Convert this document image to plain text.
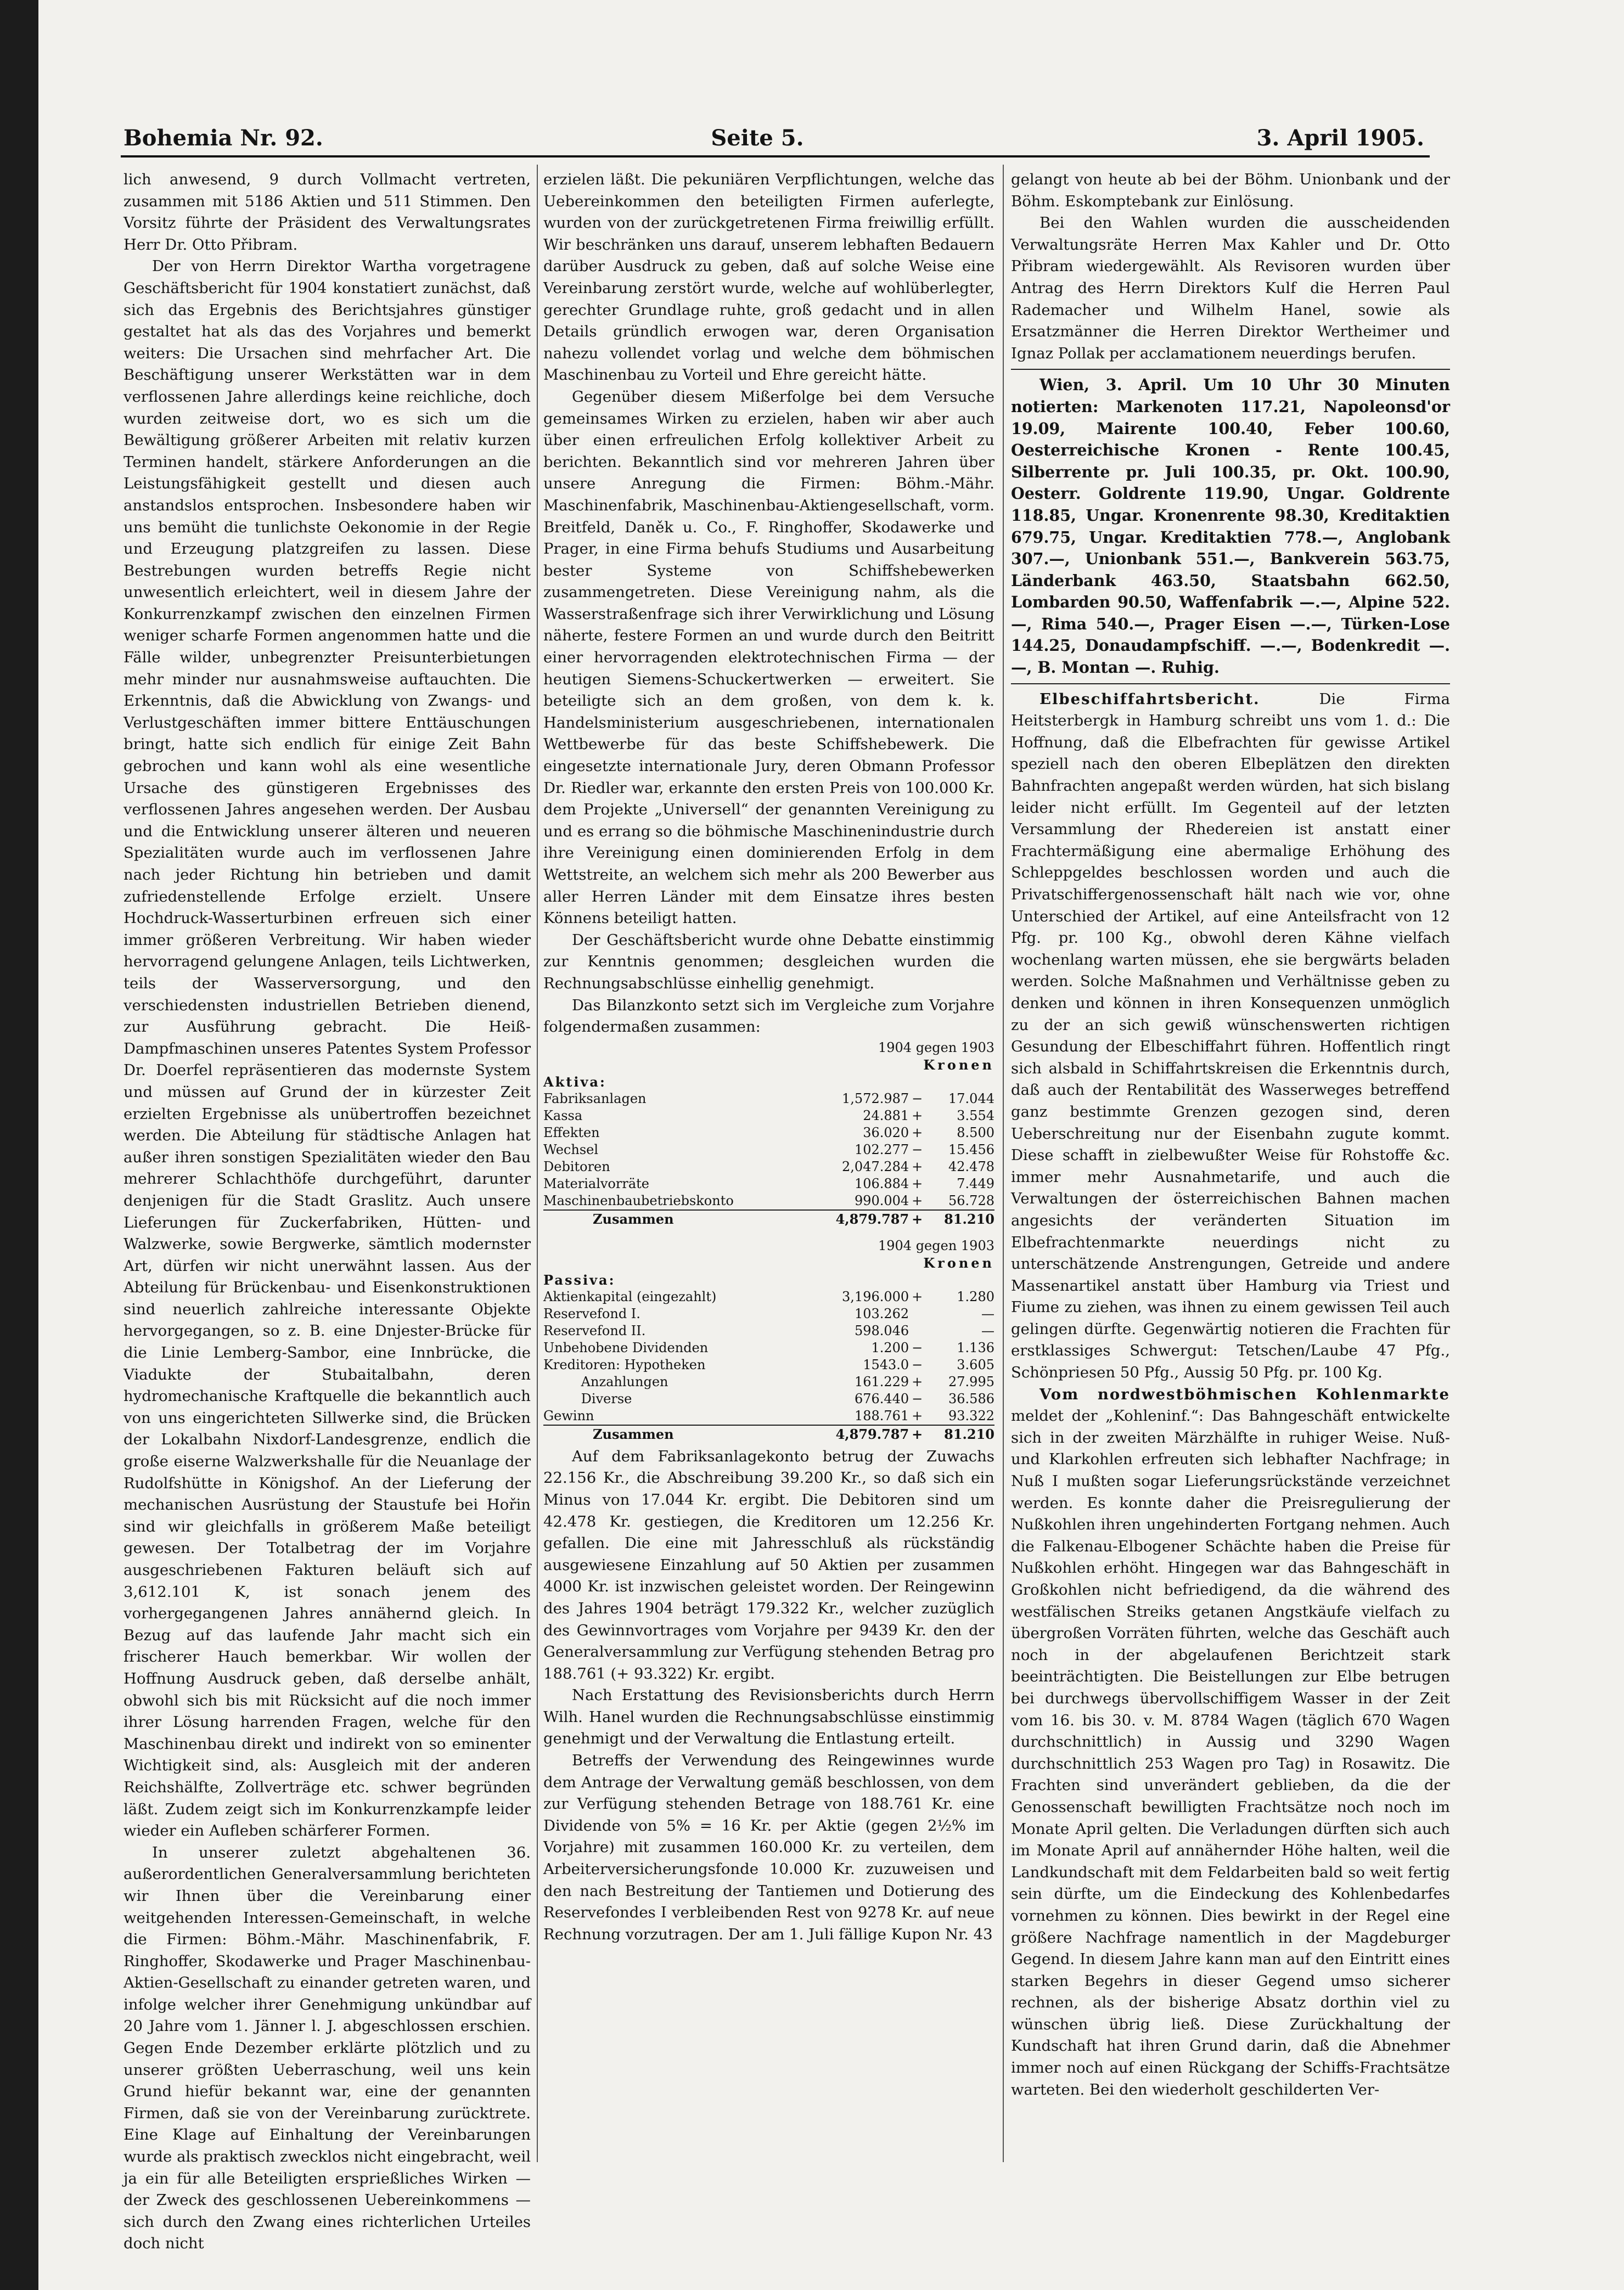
Bohemia Nr. 92.	Seite 5.	3. April 1905.

lich anwesend, 9 durch Vollmacht vertreten, zusammen mit 5186 Aktien und 511 Stimmen. Den Vorsitz führte der Präsident des Verwaltungsrates Herr Dr. Otto Přibram.

Der von Herrn Direktor Wartha vorgetragene Geschäftsbericht für 1904 konstatiert zunächst, daß sich das Ergebnis des Berichtsjahres günstiger gestaltet hat als das des Vorjahres und bemerkt weiters: Die Ursachen sind mehrfacher Art. Die Beschäftigung unserer Werkstätten war in dem verflossenen Jahre allerdings keine reichliche, doch wurden zeitweise dort, wo es sich um die Bewältigung größerer Arbeiten mit relativ kurzen Terminen handelt, stärkere Anforderungen an die Leistungsfähigkeit gestellt und diesen auch anstandslos entsprochen. Insbesondere haben wir uns bemüht die tunlichste Oekonomie in der Regie und Erzeugung platzgreifen zu lassen. Diese Bestrebungen wurden betreffs Regie nicht unwesentlich erleichtert, weil in diesem Jahre der Konkurrenzkampf zwischen den einzelnen Firmen weniger scharfe Formen angenommen hatte und die Fälle wilder, unbegrenzter Preisunterbietungen mehr minder nur ausnahmsweise auftauchten. Die Erkenntnis, daß die Abwicklung von Zwangs- und Verlustgeschäften immer bittere Enttäuschungen bringt, hatte sich endlich für einige Zeit Bahn gebrochen und kann wohl als eine wesentliche Ursache des günstigeren Ergebnisses des verflossenen Jahres angesehen werden. Der Ausbau und die Entwicklung unserer älteren und neueren Spezialitäten wurde auch im verflossenen Jahre nach jeder Richtung hin betrieben und damit zufriedenstellende Erfolge erzielt. Unsere Hochdruck-Wasserturbinen erfreuen sich einer immer größeren Verbreitung. Wir haben wieder hervorragend gelungene Anlagen, teils Lichtwerken, teils der Wasserversorgung, und den verschiedensten industriellen Betrieben dienend, zur Ausführung gebracht. Die Heiß-Dampfmaschinen unseres Patentes System Professor Dr. Doerfel repräsentieren das modernste System und müssen auf Grund der in kürzester Zeit erzielten Ergebnisse als unübertroffen bezeichnet werden. Die Abteilung für städtische Anlagen hat außer ihren sonstigen Spezialitäten wieder den Bau mehrerer Schlachthöfe durchgeführt, darunter denjenigen für die Stadt Graslitz. Auch unsere Lieferungen für Zuckerfabriken, Hütten- und Walzwerke, sowie Bergwerke, sämtlich modernster Art, dürfen wir nicht unerwähnt lassen. Aus der Abteilung für Brückenbau- und Eisenkonstruktionen sind neuerlich zahlreiche interessante Objekte hervorgegangen, so z. B. eine Dnjester-Brücke für die Linie Lemberg-Sambor, eine Innbrücke, die Viadukte der Stubaitalbahn, deren hydromechanische Kraftquelle die bekanntlich auch von uns eingerichteten Sillwerke sind, die Brücken der Lokalbahn Nixdorf-Landesgrenze, endlich die große eiserne Walzwerkshalle für die Neuanlage der Rudolfshütte in Königshof. An der Lieferung der mechanischen Ausrüstung der Staustufe bei Hořin sind wir gleichfalls in größerem Maße beteiligt gewesen. Der Totalbetrag der im Vorjahre ausgeschriebenen Fakturen beläuft sich auf 3,612.101 K, ist sonach jenem des vorhergegangenen Jahres annähernd gleich. In Bezug auf das laufende Jahr macht sich ein frischerer Hauch bemerkbar. Wir wollen der Hoffnung Ausdruck geben, daß derselbe anhält, obwohl sich bis mit Rücksicht auf die noch immer ihrer Lösung harrenden Fragen, welche für den Maschinenbau direkt und indirekt von so eminenter Wichtigkeit sind, als: Ausgleich mit der anderen Reichshälfte, Zollverträge etc. schwer begründen läßt. Zudem zeigt sich im Konkurrenzkampfe leider wieder ein Aufleben schärferer Formen.

In unserer zuletzt abgehaltenen 36. außerordentlichen Generalversammlung berichteten wir Ihnen über die Vereinbarung einer weitgehenden Interessen-Gemeinschaft, in welche die Firmen: Böhm.-Mähr. Maschinenfabrik, F. Ringhoffer, Skodawerke und Prager Maschinenbau-Aktien-Gesellschaft zu einander getreten waren, und infolge welcher ihrer Genehmigung unkündbar auf 20 Jahre vom 1. Jänner l. J. abgeschlossen erschien. Gegen Ende Dezember erklärte plötzlich und zu unserer größten Ueberraschung, weil uns kein Grund hiefür bekannt war, eine der genannten Firmen, daß sie von der Vereinbarung zurücktrete. Eine Klage auf Einhaltung der Vereinbarungen wurde als praktisch zwecklos nicht eingebracht, weil ja ein für alle Beteiligten ersprießliches Wirken — der Zweck des geschlossenen Uebereinkommens — sich durch den Zwang eines richterlichen Urteiles doch nicht

erzielen läßt. Die pekuniären Verpflichtungen, welche das Uebereinkommen den beteiligten Firmen auferlegte, wurden von der zurückgetretenen Firma freiwillig erfüllt. Wir beschränken uns darauf, unserem lebhaften Bedauern darüber Ausdruck zu geben, daß auf solche Weise eine Vereinbarung zerstört wurde, welche auf wohlüberlegter, gerechter Grundlage ruhte, groß gedacht und in allen Details gründlich erwogen war, deren Organisation nahezu vollendet vorlag und welche dem böhmischen Maschinenbau zu Vorteil und Ehre gereicht hätte.

Gegenüber diesem Mißerfolge bei dem Versuche gemeinsames Wirken zu erzielen, haben wir aber auch über einen erfreulichen Erfolg kollektiver Arbeit zu berichten. Bekanntlich sind vor mehreren Jahren über unsere Anregung die Firmen: Böhm.-Mähr. Maschinenfabrik, Maschinenbau-Aktiengesellschaft, vorm. Breitfeld, Daněk u. Co., F. Ringhoffer, Skodawerke und Prager, in eine Firma behufs Studiums und Ausarbeitung bester Systeme von Schiffshebewerken zusammengetreten. Diese Vereinigung nahm, als die Wasserstraßenfrage sich ihrer Verwirklichung und Lösung näherte, festere Formen an und wurde durch den Beitritt einer hervorragenden elektrotechnischen Firma — der heutigen Siemens-Schuckertwerken — erweitert. Sie beteiligte sich an dem großen, von dem k. k. Handelsministerium ausgeschriebenen, internationalen Wettbewerbe für das beste Schiffshebewerk. Die eingesetzte internationale Jury, deren Obmann Professor Dr. Riedler war, erkannte den ersten Preis von 100.000 Kr. dem Projekte „Universell“ der genannten Vereinigung zu und es errang so die böhmische Maschinenindustrie durch ihre Vereinigung einen dominierenden Erfolg in dem Wettstreite, an welchem sich mehr als 200 Bewerber aus aller Herren Länder mit dem Einsatze ihres besten Könnens beteiligt hatten.

Der Geschäftsbericht wurde ohne Debatte einstimmig zur Kenntnis genommen; desgleichen wurden die Rechnungsabschlüsse einhellig genehmigt.

Das Bilanzkonto setzt sich im Vergleiche zum Vorjahre folgendermaßen zusammen:

1904 gegen 1903			
Kronen			
Aktiva:			
Fabriksanlagen	1,572.987	−	17.044
Kassa	24.881	+	3.554
Effekten	36.020	+	8.500
Wechsel	102.277	−	15.456
Debitoren	2,047.284	+	42.478
Materialvorräte	106.884	+	7.449
Maschinenbaubetriebskonto	990.004	+	56.728
Zusammen	4,879.787	+	81.210

1904 gegen 1903			
Kronen			
Passiva:			
Aktienkapital (eingezahlt)	3,196.000	+	1.280
Reservefond I.	103.262		—
Reservefond II.	598.046		—
Unbehobene Dividenden	1.200	−	1.136
Kreditoren: Hypotheken	1543.0	−	3.605
Anzahlungen	161.229	+	27.995
Diverse	676.440	−	36.586
Gewinn	188.761	+	93.322
Zusammen	4,879.787	+	81.210

Auf dem Fabriksanlagekonto betrug der Zuwachs 22.156 Kr., die Abschreibung 39.200 Kr., so daß sich ein Minus von 17.044 Kr. ergibt. Die Debitoren sind um 42.478 Kr. gestiegen, die Kreditoren um 12.256 Kr. gefallen. Die eine mit Jahresschluß als rückständig ausgewiesene Einzahlung auf 50 Aktien per zusammen 4000 Kr. ist inzwischen geleistet worden. Der Reingewinn des Jahres 1904 beträgt 179.322 Kr., welcher zuzüglich des Gewinnvortrages vom Vorjahre per 9439 Kr. den der Generalversammlung zur Verfügung stehenden Betrag pro 188.761 (+ 93.322) Kr. ergibt.

Nach Erstattung des Revisionsberichts durch Herrn Wilh. Hanel wurden die Rechnungsabschlüsse einstimmig genehmigt und der Verwaltung die Entlastung erteilt.

Betreffs der Verwendung des Reingewinnes wurde dem Antrage der Verwaltung gemäß beschlossen, von dem zur Verfügung stehenden Betrage von 188.761 Kr. eine Dividende von 5% = 16 Kr. per Aktie (gegen 2½% im Vorjahre) mit zusammen 160.000 Kr. zu verteilen, dem Arbeiterversicherungsfonde 10.000 Kr. zuzuweisen und den nach Bestreitung der Tantiemen und Dotierung des Reservefondes I verbleibenden Rest von 9278 Kr. auf neue Rechnung vorzutragen. Der am 1. Juli fällige Kupon Nr. 43

gelangt von heute ab bei der Böhm. Unionbank und der Böhm. Eskomptebank zur Einlösung.

Bei den Wahlen wurden die ausscheidenden Verwaltungsräte Herren Max Kahler und Dr. Otto Přibram wiedergewählt. Als Revisoren wurden über Antrag des Herrn Direktors Kulf die Herren Paul Rademacher und Wilhelm Hanel, sowie als Ersatzmänner die Herren Direktor Wertheimer und Ignaz Pollak per acclamationem neuerdings berufen.

Wien, 3. April. Um 10 Uhr 30 Minuten notierten: Markenoten 117.21, Napoleonsd'or 19.09, Mairente 100.40, Feber 100.60, Oesterreichische Kronen - Rente 100.45, Silberrente pr. Juli 100.35, pr. Okt. 100.90, Oesterr. Goldrente 119.90, Ungar. Goldrente 118.85, Ungar. Kronenrente 98.30, Kreditaktien 679.75, Ungar. Kreditaktien 778.—, Anglobank 307.—, Unionbank 551.—, Bankverein 563.75, Länderbank 463.50, Staatsbahn 662.50, Lombarden 90.50, Waffenfabrik —.—, Alpine 522.—, Rima 540.—, Prager Eisen —.—, Türken-Lose 144.25, Donaudampfschiff. —.—, Bodenkredit —.—, B. Montan —. Ruhig.

Elbeschiffahrtsbericht.	Die Firma Heitsterbergk in Hamburg schreibt uns vom 1. d.: Die Hoffnung, daß die Elbefrachten für gewisse Artikel speziell nach den oberen Elbeplätzen den direkten Bahnfrachten angepaßt werden würden, hat sich bislang leider nicht erfüllt. Im Gegenteil auf der letzten Versammlung der Rhedereien ist anstatt einer Frachtermäßigung eine abermalige Erhöhung des Schleppgeldes beschlossen worden und auch die Privatschiffergenossenschaft hält nach wie vor, ohne Unterschied der Artikel, auf eine Anteilsfracht von 12 Pfg. pr. 100 Kg., obwohl deren Kähne vielfach wochenlang warten müssen, ehe sie bergwärts beladen werden. Solche Maßnahmen und Verhältnisse geben zu denken und können in ihren Konsequenzen unmöglich zu der an sich gewiß wünschenswerten richtigen Gesundung der Elbeschiffahrt führen. Hoffentlich ringt sich alsbald in Schiffahrtskreisen die Erkenntnis durch, daß auch der Rentabilität des Wasserweges betreffend ganz bestimmte Grenzen gezogen sind, deren Ueberschreitung nur der Eisenbahn zugute kommt. Diese schafft in zielbewußter Weise für Rohstoffe &c. immer mehr Ausnahmetarife, und auch die Verwaltungen der österreichischen Bahnen machen angesichts der veränderten Situation im Elbefrachtenmarkte neuerdings nicht zu unterschätzende Anstrengungen, Getreide und andere Massenartikel anstatt über Hamburg via Triest und Fiume zu ziehen, was ihnen zu einem gewissen Teil auch gelingen dürfte. Gegenwärtig notieren die Frachten für erstklassiges Schwergut: Tetschen/Laube 47 Pfg., Schönpriesen 50 Pfg., Aussig 50 Pfg. pr. 100 Kg.

Vom nordwestböhmischen Kohlenmarkte meldet der „Kohleninf.“: Das Bahngeschäft entwickelte sich in der zweiten Märzhälfte in ruhiger Weise. Nuß- und Klarkohlen erfreuten sich lebhafter Nachfrage; in Nuß I mußten sogar Lieferungsrückstände verzeichnet werden. Es konnte daher die Preisregulierung der Nußkohlen ihren ungehinderten Fortgang nehmen. Auch die Falkenau-Elbogener Schächte haben die Preise für Nußkohlen erhöht. Hingegen war das Bahngeschäft in Großkohlen nicht befriedigend, da die während des westfälischen Streiks getanen Angstkäufe vielfach zu übergroßen Vorräten führten, welche das Geschäft auch noch in der abgelaufenen Berichtzeit stark beeinträchtigten. Die Beistellungen zur Elbe betrugen bei durchwegs übervollschiffigem Wasser in der Zeit vom 16. bis 30. v. M. 8784 Wagen (täglich 670 Wagen durchschnittlich) in Aussig und 3290 Wagen durchschnittlich 253 Wagen pro Tag) in Rosawitz. Die Frachten sind unverändert geblieben, da die der Genossenschaft bewilligten Frachtsätze noch noch im Monate April gelten. Die Verladungen dürften sich auch im Monate April auf annähernder Höhe halten, weil die Landkundschaft mit dem Feldarbeiten bald so weit fertig sein dürfte, um die Eindeckung des Kohlenbedarfes vornehmen zu können. Dies bewirkt in der Regel eine größere Nachfrage namentlich in der Magdeburger Gegend. In diesem Jahre kann man auf den Eintritt eines starken Begehrs in dieser Gegend umso sicherer rechnen, als der bisherige Absatz dorthin viel zu wünschen übrig ließ. Diese Zurückhaltung der Kundschaft hat ihren Grund darin, daß die Abnehmer immer noch auf einen Rückgang der Schiffs-Frachtsätze warteten. Bei den wiederholt geschilderten Ver-
